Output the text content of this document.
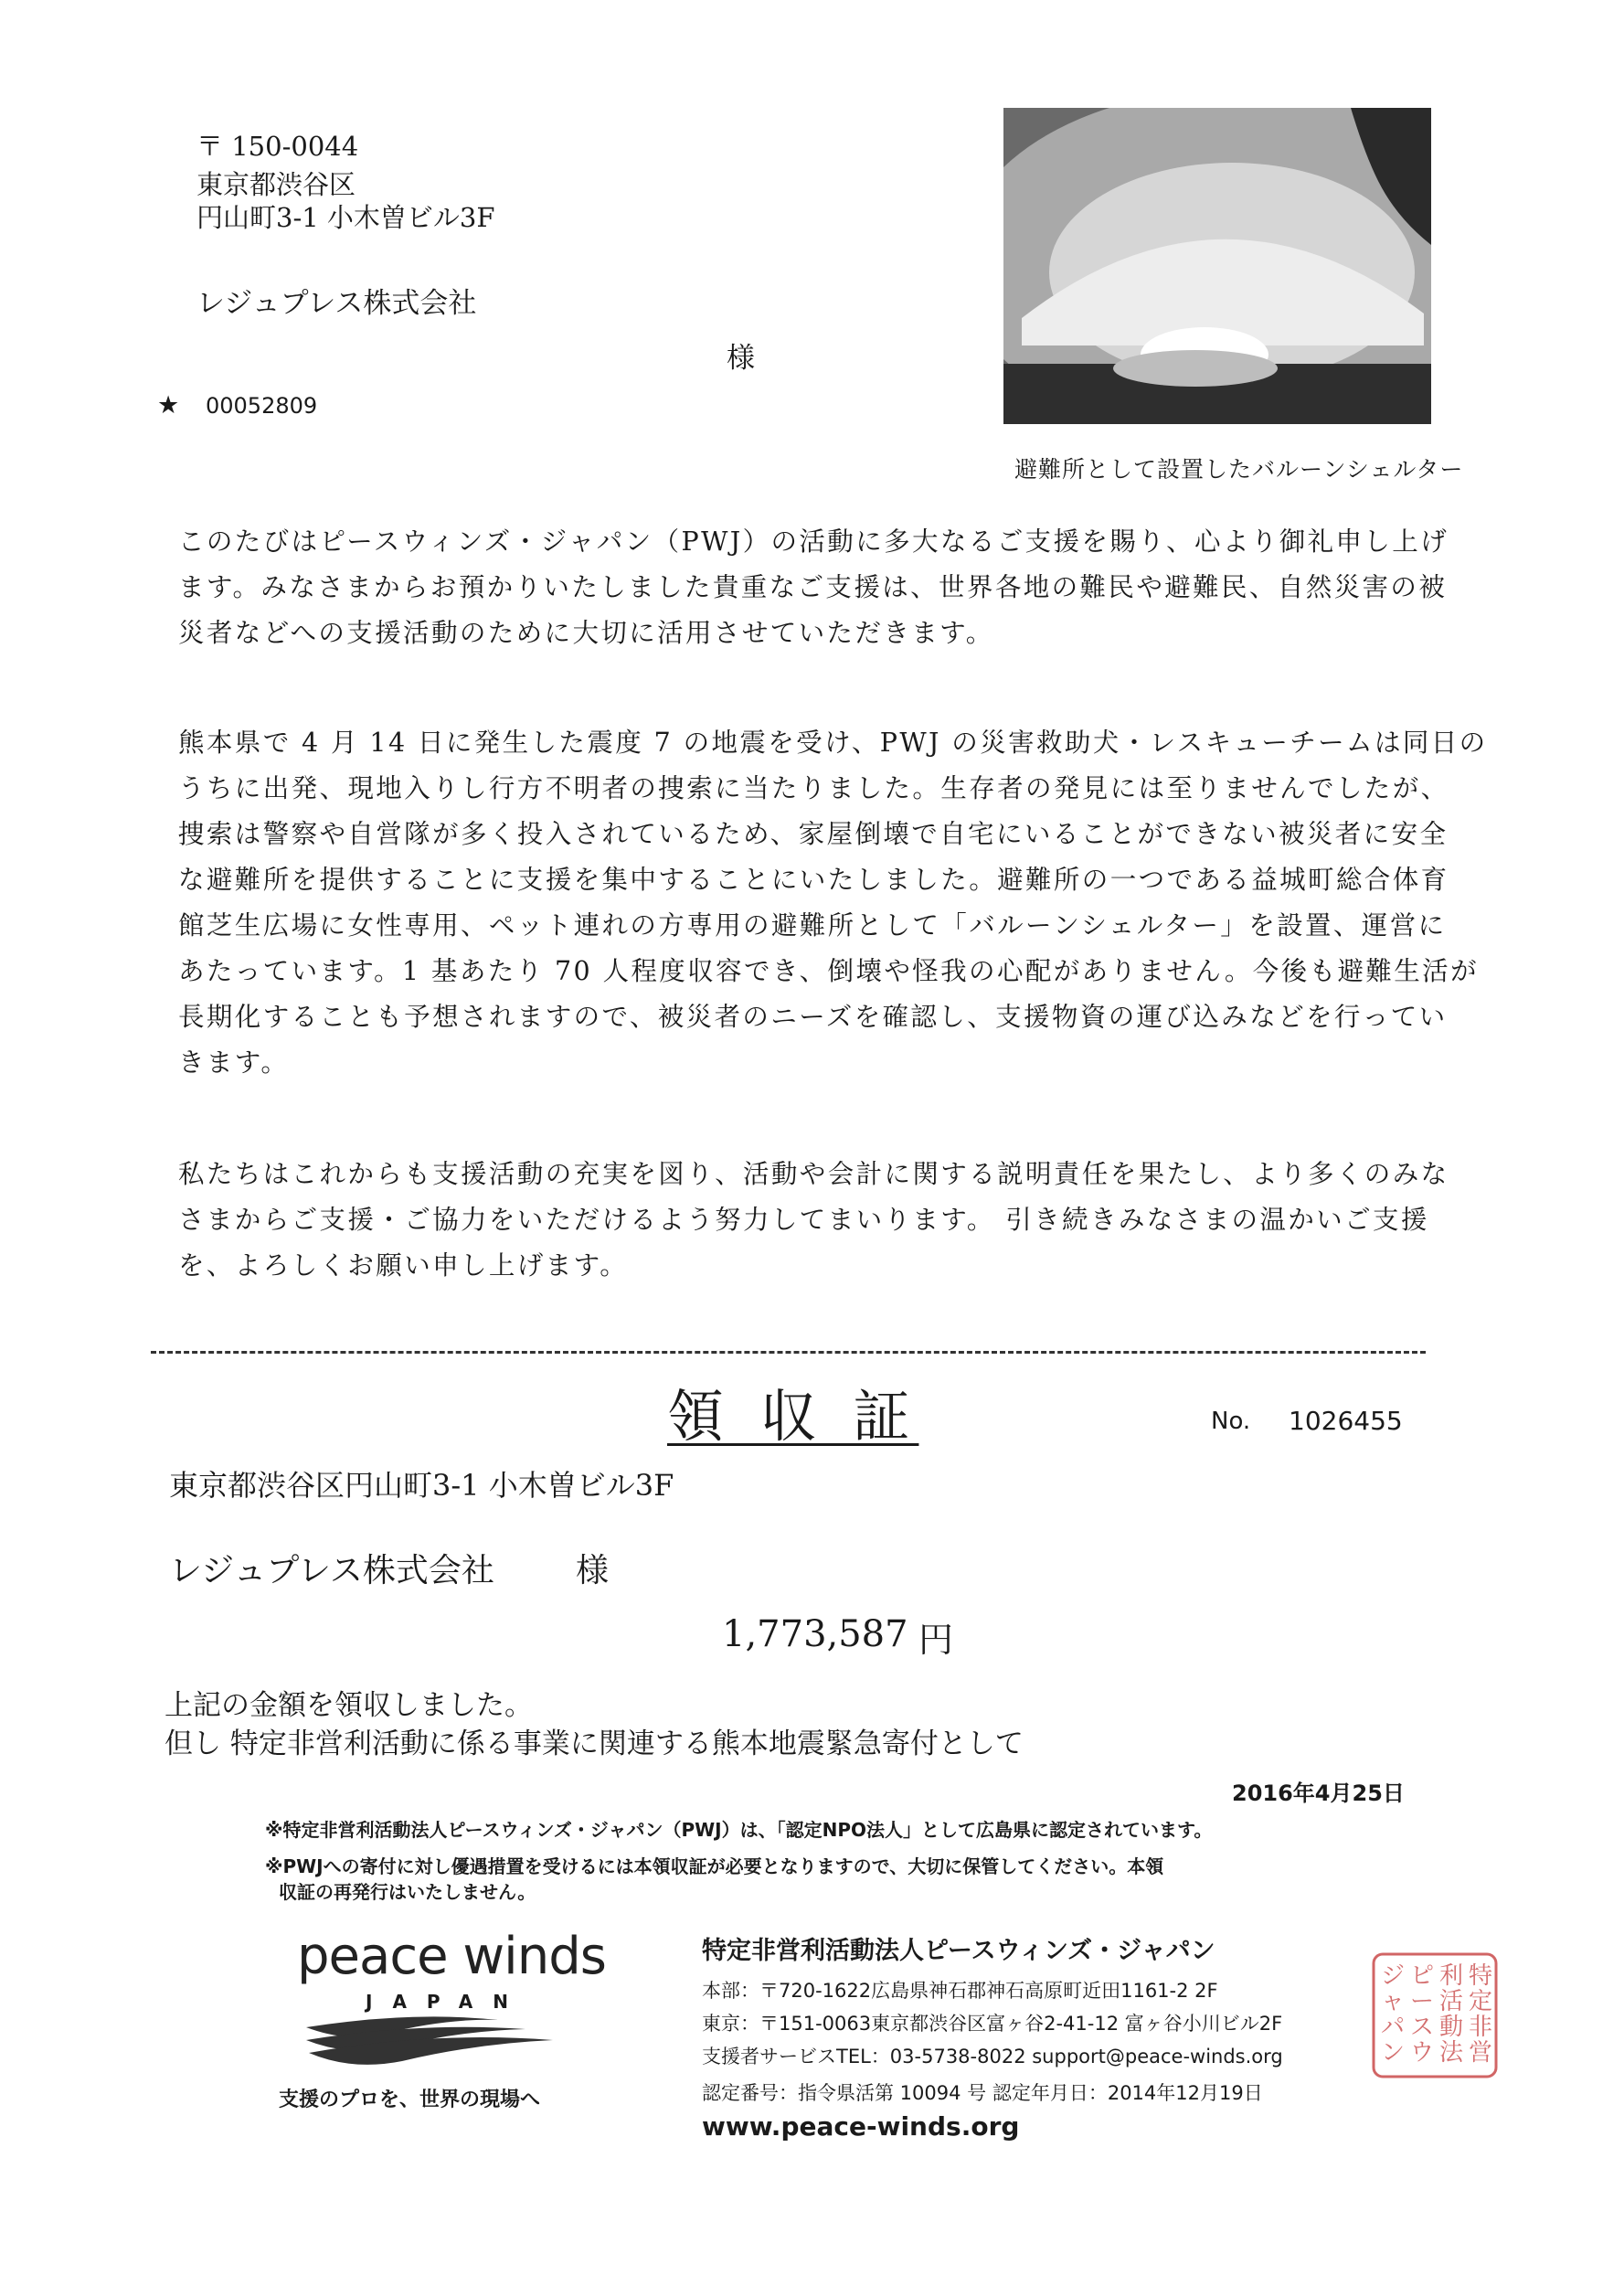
〒 150-0044
東京都渋谷区
円山町3-1 小木曽ビル3F
レジュプレス株式会社
様
★ 00052809
避難所として設置したバルーンシェルター
このたびはピースウィンズ・ジャパン（PWJ）の活動に多大なるご支援を賜り、心より御礼申し上げ
ます。みなさまからお預かりいたしました貴重なご支援は、世界各地の難民や避難民、自然災害の被
災者などへの支援活動のために大切に活用させていただきます。
熊本県で 4 月 14 日に発生した震度 7 の地震を受け、PWJ の災害救助犬・レスキューチームは同日の
うちに出発、現地入りし行方不明者の捜索に当たりました。生存者の発見には至りませんでしたが、
捜索は警察や自営隊が多く投入されているため、家屋倒壊で自宅にいることができない被災者に安全
な避難所を提供することに支援を集中することにいたしました。避難所の一つである益城町総合体育
館芝生広場に女性専用、ペット連れの方専用の避難所として「バルーンシェルター」を設置、運営に
あたっています。1 基あたり 70 人程度収容でき、倒壊や怪我の心配がありません。今後も避難生活が
長期化することも予想されますので、被災者のニーズを確認し、支援物資の運び込みなどを行ってい
きます。
私たちはこれからも支援活動の充実を図り、活動や会計に関する説明責任を果たし、より多くのみな
さまからご支援・ご協力をいただけるよう努力してまいります。 引き続きみなさまの温かいご支援
を、よろしくお願い申し上げます。
領 収 証	No. 1026455
東京都渋谷区円山町3-1 小木曽ビル3F
レジュプレス株式会社 様
1,773,587 円
上記の金額を領収しました。
但し 特定非営利活動に係る事業に関連する熊本地震緊急寄付として
2016年4月25日
※特定非営利活動法人ピースウィンズ・ジャパン（PWJ）は、「認定NPO法人」として広島県に認定されています。
※PWJへの寄付に対し優遇措置を受けるには本領収証が必要となりますので、大切に保管してください。本領
収証の再発行はいたしません。
peace winds
JAPAN
支援のプロを、世界の現場へ
特定非営利活動法人ピースウィンズ・ジャパン
本部：〒720-1622広島県神石郡神石高原町近田1161-2 2F
東京：〒151-0063東京都渋谷区富ヶ谷2-41-12 富ヶ谷小川ビル2F
支援者サービスTEL：03-5738-8022 support@peace-winds.org
認定番号：指令県活第 10094 号 認定年月日：2014年12月19日
www.peace-winds.org
特
定
非
営
利
活
動
法
ピ
ー
ス
ウ
ジ
ャ
パ
ン
